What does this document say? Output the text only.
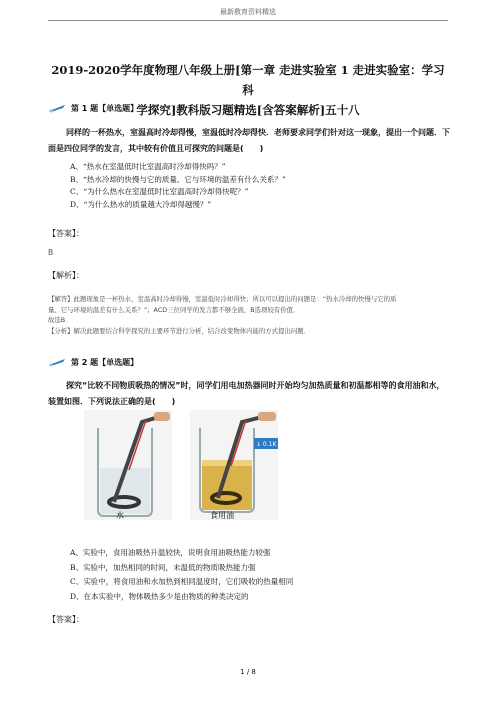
最新教育资料精选
2019-2020学年度物理八年级上册[第一章 走进实验室 1 走进实验室：学习科
学探究]教科版习题精选[含答案解析]五十八
第 1 题【单选题】
同样的一杯热水，室温高时冷却得慢，室温低时冷却得快．老师要求同学们针对这一现象，提出一个问题．下面是四位同学的发言，其中较有价值且可探究的问题是(　　)
A、“热水在室温低时比室温高时冷却得快吗？”
B、“热水冷却的快慢与它的质量、它与环境的温差有什么关系？”
C、“为什么热水在室温低时比室温高时冷却得快呢？”
D、“为什么热水的质量越大冷却得越慢？”
【答案】：
B
【解析】：
【解答】此题现象是一杯热水，室温高时冷却得慢，室温低时冷却得快；所以可以提出的问题是：“热水冷却的快慢与它的质
量、它与环境的温差有什么关系？”；ACD三位同学的发言都不够全面，B选项较有价值．
故选B．
【分析】解决此题要结合科学探究的主要环节进行分析，结合改变物体内能的方式提出问题．
第 2 题【单选题】
探究“比较不同物质吸热的情况”时，同学们用电加热器同时开始均匀加热质量和初温都相等的食用油和水，装置如图．下列说法正确的是(　　)
水
↓ 0.1K
食用油
A、实验中，食用油吸热升温较快，说明食用油吸热能力较强
B、实验中，加热相同的时间，末温低的物质吸热能力强
C、实验中，将食用油和水加热到相同温度时，它们吸收的热量相同
D、在本实验中，物体吸热多少是由物质的种类决定的
【答案】：
1 / 8
